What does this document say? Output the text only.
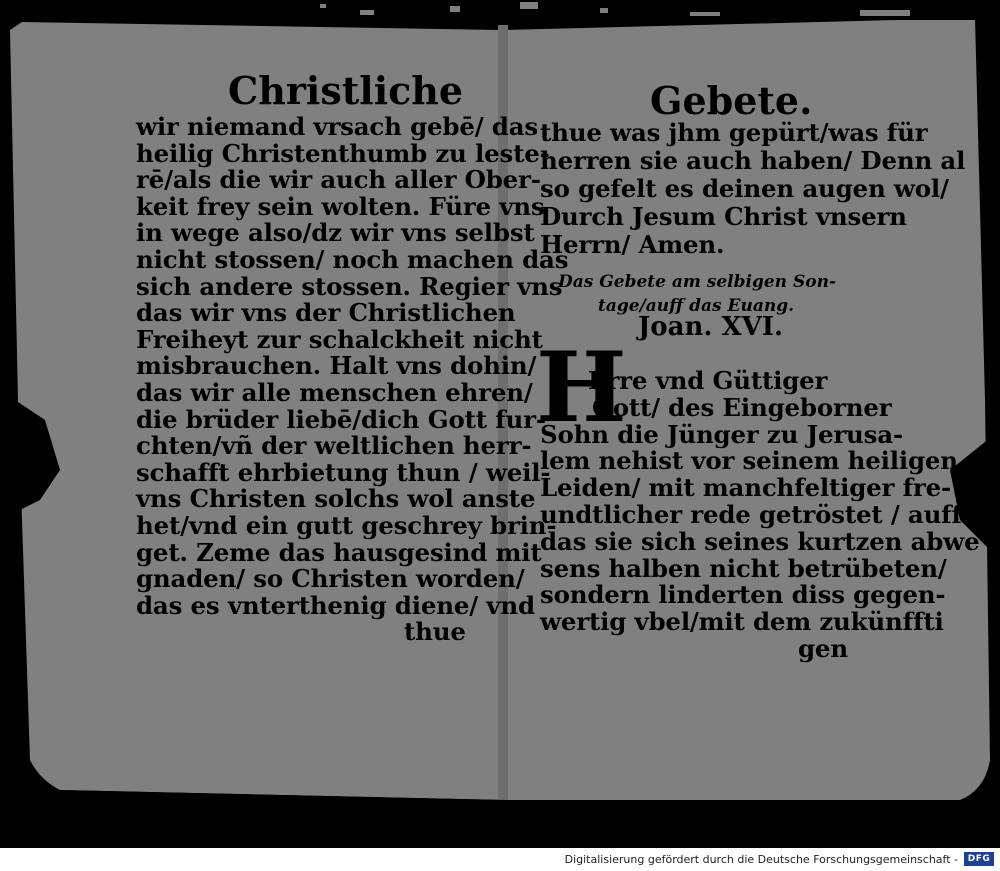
Christliche
wir niemand vrsach gebē/ das
heilig Christenthumb zu leste-
rē/als die wir auch aller Ober-
keit frey sein wolten. Füre vns
in wege also/dz wir vns selbst
nicht stossen/ noch machen das
sich andere stossen. Regier vns
das wir vns der Christlichen
Freiheyt zur schalckheit nicht
misbrauchen. Halt vns dohin/
das wir alle menschen ehren/
die brüder liebē/dich Gott fur-
chten/vñ der weltlichen herr-
schafft ehrbietung thun / weil-
vns Christen solchs wol anste
het/vnd ein gutt geschrey brin-
get. Zeme das hausgesind mit
gnaden/ so Christen worden/
das es vnterthenig diene/ vnd
thue
Gebete.
thue was jhm gepürt/was für
herren sie auch haben/ Denn al
so gefelt es deinen augen wol/
Durch Jesum Christ vnsern
Herrn/ Amen.
Das Gebete am selbigen Son-
tage/auff das Euang.
Joan. XVI.
H
Erre vnd Güttiger
Gott/ des Eingeborner
Sohn die Jünger zu Jerusa-
lem nehist vor seinem heiligen
Leiden/ mit manchfeltiger fre-
undtlicher rede getröstet / auff
das sie sich seines kurtzen abwe
sens halben nicht betrübeten/
sondern linderten diss gegen-
wertig vbel/mit dem zukünffti
gen
Digitalisierung gefördert durch die Deutsche Forschungsgemeinschaft -	DFG
